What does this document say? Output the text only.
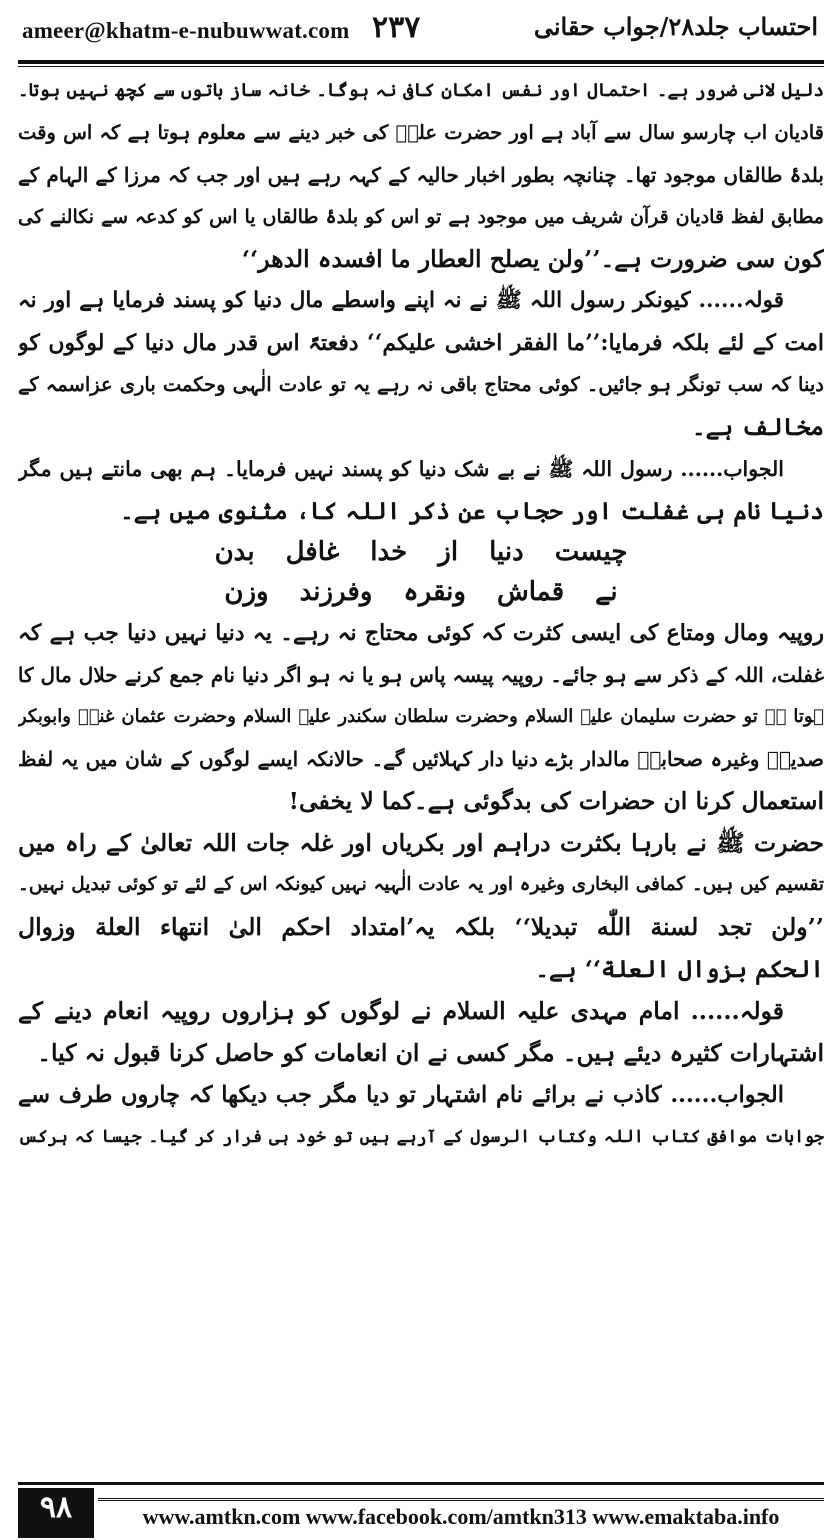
ameer@khatm-e-nubuwwat.com ۲۳۷	احتساب جلد۲۸/جواب حقانی
دلیل لانی ضرور ہے۔ احتمال اور نفس امکان کافی نہ ہوگا۔ خانہ ساز باتوں سے کچھ نہیں ہوتا۔
قادیان اب چارسو سال سے آباد ہے اور حضرت علیؓ کی خبر دینے سے معلوم ہوتا ہے کہ اس وقت
بلدۂ طالقاں موجود تھا۔ چنانچہ بطور اخبار حالیہ کے کہہ رہے ہیں اور جب کہ مرزا کے الہام کے
مطابق لفظ قادیان قرآن شریف میں موجود ہے تو اس کو بلدۂ طالقاں یا اس کو کدعہ سے نکالنے کی
کون سی ضرورت ہے۔’’ولن یصلح العطار ما افسدہ الدھر‘‘
قولہ...... کیونکر رسول اللہ ﷺ نے نہ اپنے واسطے مال دنیا کو پسند فرمایا ہے اور نہ
امت کے لئے بلکہ فرمایا:’’ما الفقر اخشی علیکم‘‘ دفعتہً اس قدر مال دنیا کے لوگوں کو
دینا کہ سب تونگر ہو جائیں۔ کوئی محتاج باقی نہ رہے یہ تو عادت الٰہی وحکمت باری عزاسمہ کے
مخالف ہے۔
الجواب...... رسول اللہ ﷺ نے بے شک دنیا کو پسند نہیں فرمایا۔ ہم بھی مانتے ہیں مگر
دنیا نام ہی غفلت اور حجاب عن ذکر اللہ کا، مثنوی میں ہے۔
چیست دنیا از خدا غافل بدن
نے قماش ونقرہ وفرزند وزن
روپیہ ومال ومتاع کی ایسی کثرت کہ کوئی محتاج نہ رہے۔ یہ دنیا نہیں دنیا جب ہے کہ
غفلت، اللہ کے ذکر سے ہو جائے۔ روپیہ پیسہ پاس ہو یا نہ ہو اگر دنیا نام جمع کرنے حلال مال کا
ہوتا ہے تو حضرت سلیمان علیہ السلام وحضرت سلطان سکندر علیہ السلام وحضرت عثمان غنیؓ وابوبکر
صدیقؓ وغیرہ صحابہؓ مالدار بڑے دنیا دار کہلائیں گے۔ حالانکہ ایسے لوگوں کے شان میں یہ لفظ
استعمال کرنا ان حضرات کی بدگوئی ہے۔کما لا یخفی!
حضرت ﷺ نے بارہا بکثرت دراہم اور بکریاں اور غلہ جات اللہ تعالیٰ کے راہ میں
تقسیم کیں ہیں۔ کمافی البخاری وغیرہ اور یہ عادت الٰہیہ نہیں کیونکہ اس کے لئے تو کوئی تبدیل نہیں۔
’’ولن تجد لسنة اللّٰه تبدیلا‘‘ بلکہ یہ’امتداد احکم الیٰ انتهاء العلة وزوال
الحکم بزوال العلة‘‘ ہے۔
قولہ...... امام مہدی علیہ السلام نے لوگوں کو ہزاروں روپیہ انعام دینے کے
اشتہارات کثیرہ دیئے ہیں۔ مگر کسی نے ان انعامات کو حاصل کرنا قبول نہ کیا۔
الجواب...... کاذب نے برائے نام اشتہار تو دیا مگر جب دیکھا کہ چاروں طرف سے
جوابات موافق کتاب اللہ وکتاب الرسول کے آرہے ہیں تو خود ہی فرار کر گیا۔ جیسا کہ ہرکس
۹۸	www.amtkn.com www.facebook.com/amtkn313 www.emaktaba.info
